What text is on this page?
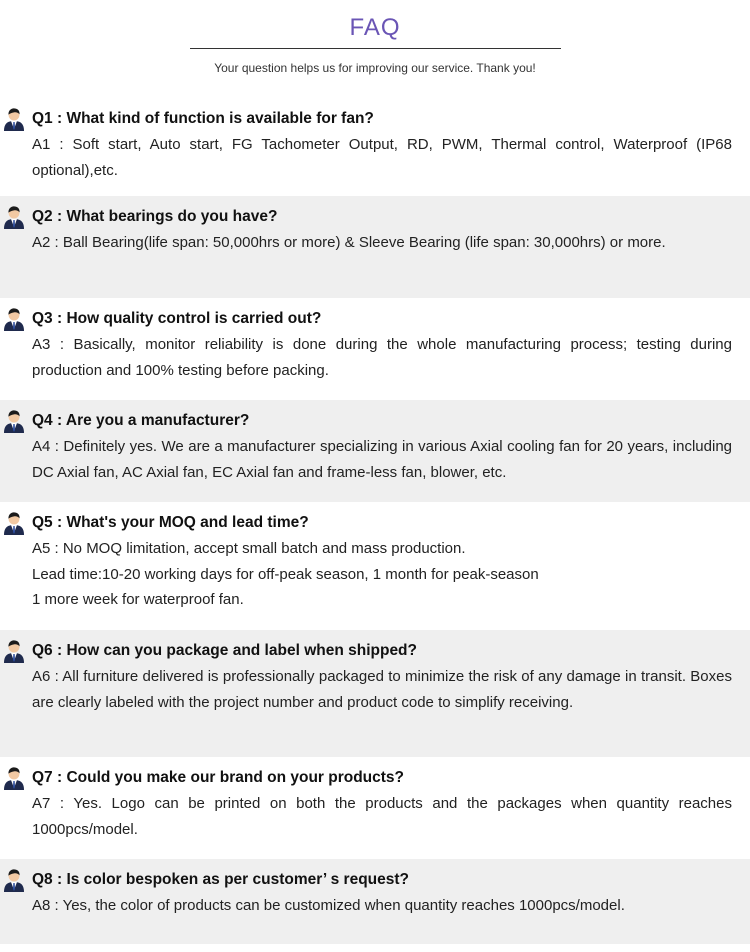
FAQ
Your question helps us for improving our service. Thank youǃ

Q1 : What kind of function is available for fan?

A1 : Soft start, Auto start, FG Tachometer Output, RD, PWM, Thermal control, Waterproof (IP68 optional),etc.

Q2 : What bearings do you have?

A2 : Ball Bearing(life span: 50,000hrs or more) & Sleeve Bearing (life span: 30,000hrs) or more.

Q3 : How quality control is carried out?

A3 : Basically, monitor reliability is done during the whole manufacturing process; testing during production and 100% testing before packing.

Q4 : Are you a manufacturer?

A4 : Definitely yes. We are a manufacturer specializing in various Axial cooling fan for 20 years, including DC Axial fan, AC Axial fan, EC Axial fan and frame-less fan, blower, etc.

Q5 : What's your MOQ and lead time?

A5 : No MOQ limitation, accept small batch and mass production.
Lead time:10-20 working days for off-peak season, 1 month for peak-season
1 more week for waterproof fan.

Q6 : How can you package and label when shipped?

A6 : All furniture delivered is professionally packaged to minimize the risk of any damage in transit. Boxes are clearly labeled with the project number and product code to simplify receiving.

Q7 : Could you make our brand on your products?

A7 : Yes. Logo can be printed on both the products and the packages when quantity reaches 1000pcs/model.

Q8 : Is color bespoken as per customer’ s request?

A8 : Yes, the color of products can be customized when quantity reaches 1000pcs/model.
